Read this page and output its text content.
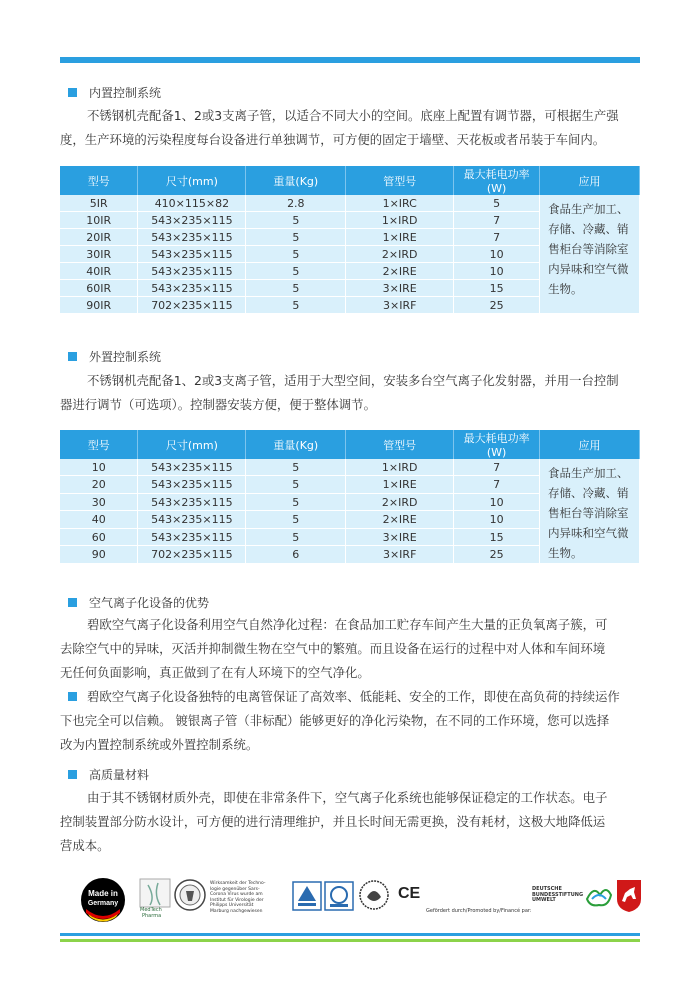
内置控制系统

不锈钢机壳配备1、2或3支离子管，以适合不同大小的空间。底座上配置有调节器，可根据生产强

度，生产环境的污染程度每台设备进行单独调节，可方便的固定于墙壁、天花板或者吊装于车间内。

型号	尺寸(mm)	重量(Kg)	管型号	最大耗电功率(W)	应用
5IR	410×115×82	2.8	1×IRC	5	食品生产加工、
存储、冷藏、销
售柜台等消除室
内异味和空气微
生物。

10IR	543×235×115	5	1×IRD	7	
20IR	543×235×115	5	1×IRE	7	
30IR	543×235×115	5	2×IRD	10	
40IR	543×235×115	5	2×IRE	10	
60IR	543×235×115	5	3×IRE	15	
90IR	702×235×115	5	3×IRF	25	
外置控制系统

不锈钢机壳配备1、2或3支离子管，适用于大型空间，安装多台空气离子化发射器，并用一台控制

器进行调节（可选项）。控制器安装方便，便于整体调节。

型号	尺寸(mm)	重量(Kg)	管型号	最大耗电功率(W)	应用
10	543×235×115	5	1×IRD	7	食品生产加工、
存储、冷藏、销
售柜台等消除室
内异味和空气微
生物。

20	543×235×115	5	1×IRE	7	
30	543×235×115	5	2×IRD	10	
40	543×235×115	5	2×IRE	10	
60	543×235×115	5	3×IRE	15	
90	702×235×115	6	3×IRF	25	
空气离子化设备的优势

碧欧空气离子化设备利用空气自然净化过程：在食品加工贮存车间产生大量的正负氧离子簇，可

去除空气中的异味，灭活并抑制微生物在空气中的繁殖。而且设备在运行的过程中对人体和车间环境

无任何负面影响，真正做到了在有人环境下的空气净化。

碧欧空气离子化设备独特的电离管保证了高效率、低能耗、安全的工作，即使在高负荷的持续运作

下也完全可以信赖。 镀银离子管（非标配）能够更好的净化污染物，在不同的工作环境，您可以选择

改为内置控制系统或外置控制系统。

高质量材料

由于其不锈钢材质外壳，即使在非常条件下，空气离子化系统也能够保证稳定的工作状态。电子

控制装置部分防水设计，可方便的进行清理维护，并且长时间无需更换，没有耗材，这极大地降低运

营成本。

Made in
Germany
MedTech
Pharma
Wirksamkeit der Techno-
logie gegenüber Sars-
Corona Virus wurde am
Institut für Virologie der
Philipps Universität
Marburg nachgewiesen
CE
Gefördert durch/Promoted by/Financé par:
DEUTSCHE
BUNDESSTIFTUNG
UMWELT
